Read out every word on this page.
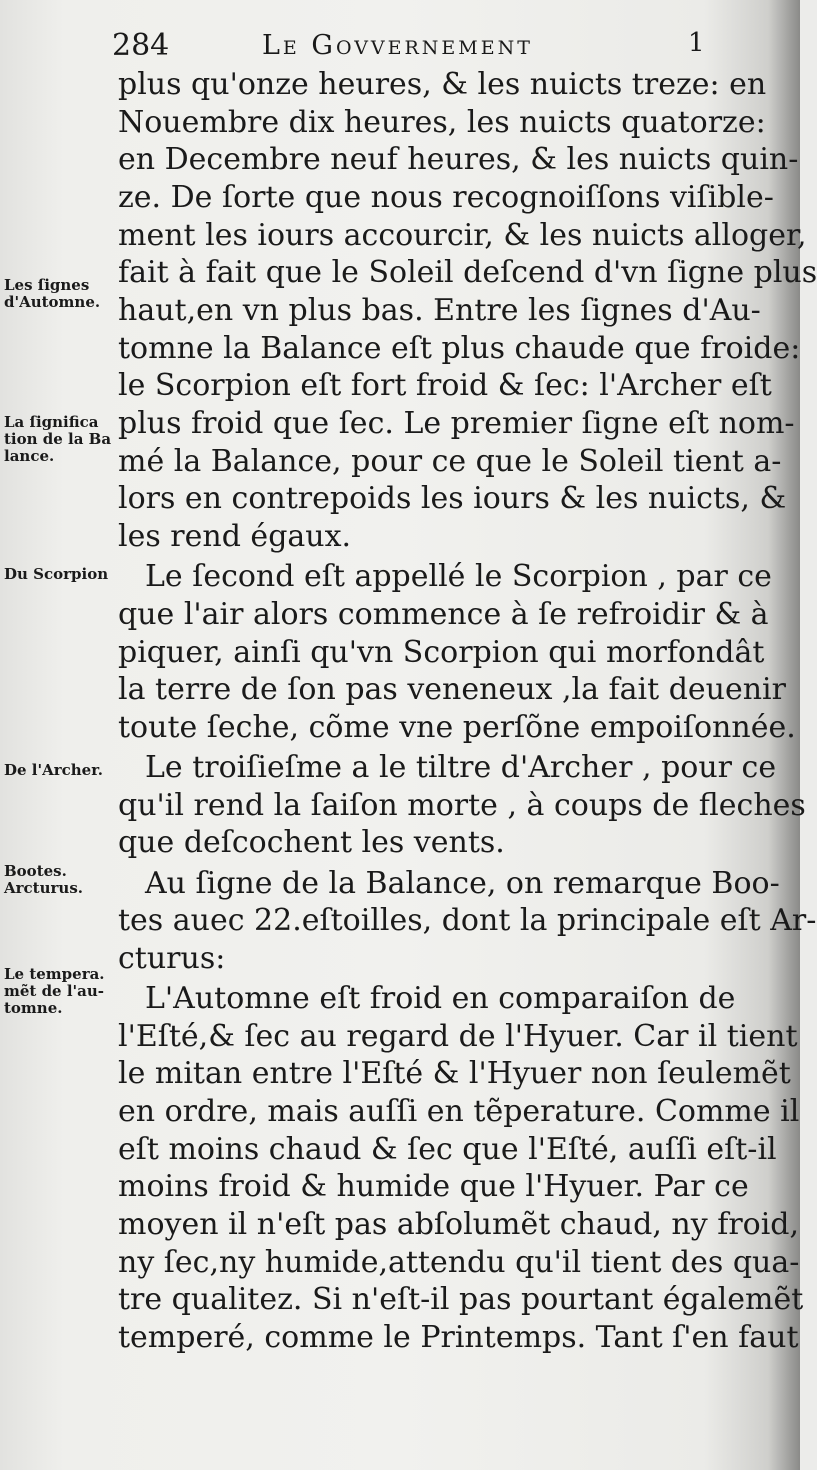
284	Le Govvernement	1
plus qu'onze heures, & les nuicts treze: en
Nouembre dix heures, les nuicts quatorze:
en Decembre neuf heures, & les nuicts quin-
ze. De ſorte que nous recognoiſſons viſible-
ment les iours accourcir, & les nuicts alloger,
fait à fait que le Soleil deſcend d'vn ſigne plus
haut,en vn plus bas. Entre les ſignes d'Au-
tomne la Balance eſt plus chaude que froide:
le Scorpion eſt fort froid & ſec: l'Archer eſt
plus froid que ſec. Le premier ſigne eſt nom-
mé la Balance, pour ce que le Soleil tient a-
lors en contrepoids les iours & les nuicts, &
les rend égaux.
Le ſecond eſt appellé le Scorpion , par ce
que l'air alors commence à ſe refroidir & à
piquer, ainſi qu'vn Scorpion qui morfondât
la terre de ſon pas veneneux ,la fait deuenir
toute ſeche, cõme vne perſõne empoiſonnée.
Le troiſieſme a le tiltre d'Archer , pour ce
qu'il rend la ſaiſon morte , à coups de fleches
que deſcochent les vents.
Au ſigne de la Balance, on remarque Boo-
tes auec 22.eſtoilles, dont la principale eſt Ar-
cturus:
L'Automne eſt froid en comparaiſon de
l'Eſté,& ſec au regard de l'Hyuer. Car il tient
le mitan entre l'Eſté & l'Hyuer non ſeulemẽt
en ordre, mais auſſi en tẽperature. Comme il
eſt moins chaud & ſec que l'Eſté, auſſi eſt-il
moins froid & humide que l'Hyuer. Par ce
moyen il n'eſt pas abſolumẽt chaud, ny froid,
ny ſec,ny humide,attendu qu'il tient des qua-
tre qualitez. Si n'eſt-il pas pourtant égalemẽt
temperé, comme le Printemps. Tant ſ'en faut
Les ſignes d'Automne.
La ſignifica tion de la Ba lance.
Du Scorpion
De l'Archer.
Bootes. Arcturus.
Le tempera. mẽt de l'au- tomne.
